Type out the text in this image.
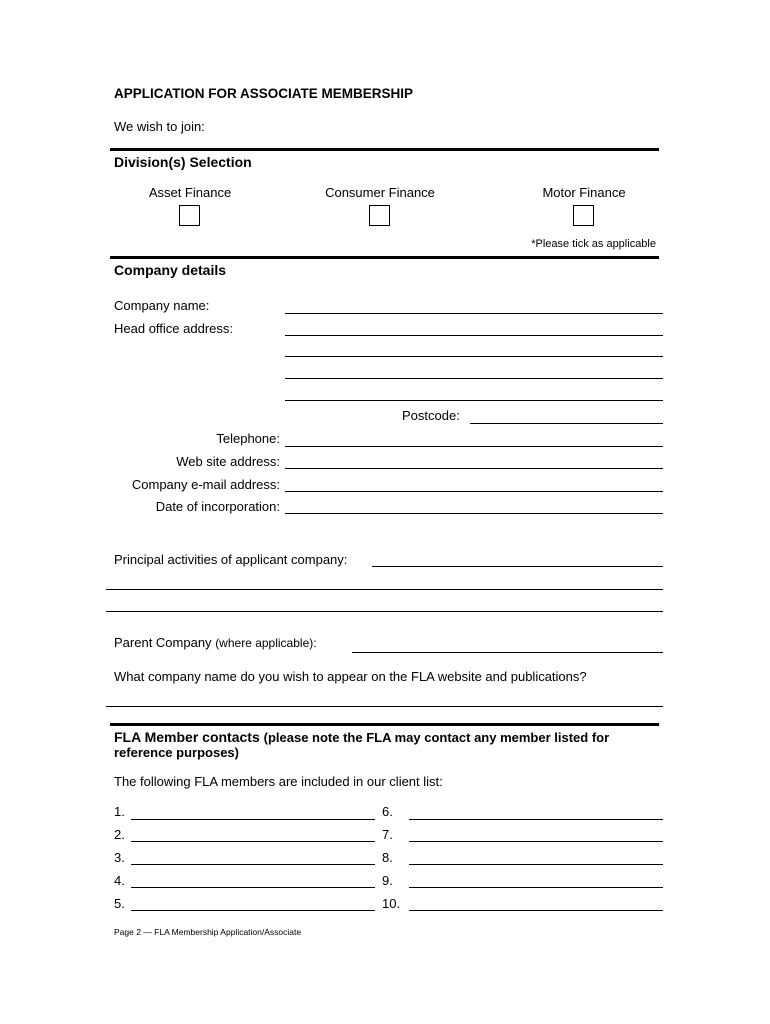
APPLICATION FOR ASSOCIATE MEMBERSHIP
We wish to join:
Division(s) Selection
Asset Finance	Consumer Finance	Motor Finance
*Please tick as applicable
Company details
Company name:
Head office address:
Postcode:
Telephone:
Web site address:
Company e-mail address:
Date of incorporation:
Principal activities of applicant company:
Parent Company (where applicable):
What company name do you wish to appear on the FLA website and publications?
FLA Member contacts (please note the FLA may contact any member listed for
reference purposes)
The following FLA members are included in our client list:
1.
2.
3.
4.
5.
6.
7.
8.
9.
10.
Page 2 — FLA Membership Application/Associate
